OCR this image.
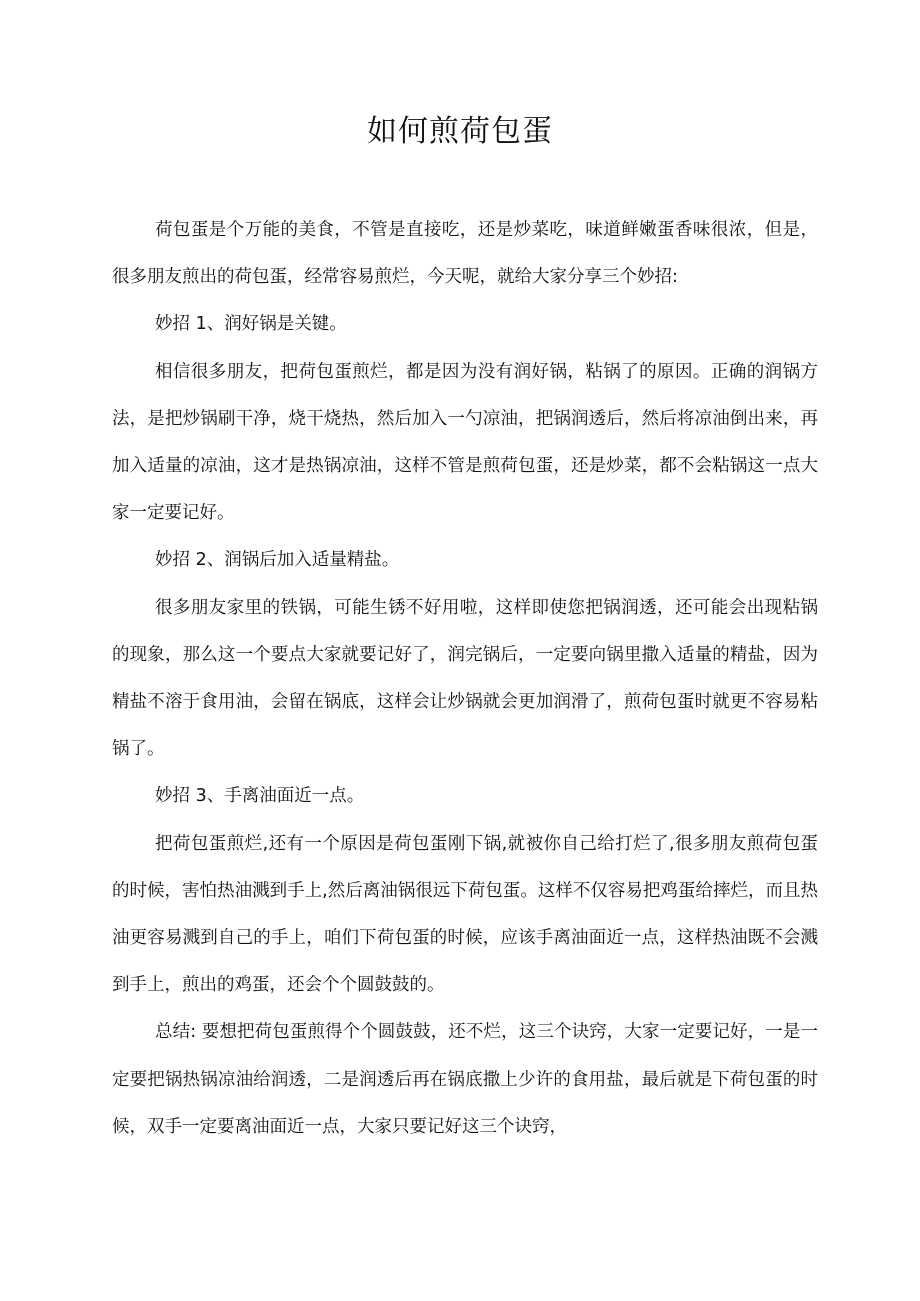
如何煎荷包蛋

荷包蛋是个万能的美食，不管是直接吃，还是炒菜吃，味道鲜嫩蛋香味很浓，但是，很多朋友煎出的荷包蛋，经常容易煎烂，今天呢，就给大家分享三个妙招:

妙招 1、润好锅是关键。

相信很多朋友，把荷包蛋煎烂，都是因为没有润好锅，粘锅了的原因。正确的润锅方法，是把炒锅刷干净，烧干烧热，然后加入一勺凉油，把锅润透后，然后将凉油倒出来，再加入适量的凉油，这才是热锅凉油，这样不管是煎荷包蛋，还是炒菜，都不会粘锅这一点大家一定要记好。

妙招 2、润锅后加入适量精盐。

很多朋友家里的铁锅，可能生锈不好用啦，这样即使您把锅润透，还可能会出现粘锅的现象，那么这一个要点大家就要记好了，润完锅后，一定要向锅里撒入适量的精盐，因为精盐不溶于食用油，会留在锅底，这样会让炒锅就会更加润滑了，煎荷包蛋时就更不容易粘锅了。

妙招 3、手离油面近一点。

把荷包蛋煎烂,还有一个原因是荷包蛋刚下锅,就被你自己给打烂了,很多朋友煎荷包蛋的时候，害怕热油溅到手上,然后离油锅很远下荷包蛋。这样不仅容易把鸡蛋给摔烂，而且热油更容易溅到自己的手上，咱们下荷包蛋的时候，应该手离油面近一点，这样热油既不会溅到手上，煎出的鸡蛋，还会个个圆鼓鼓的。

总结: 要想把荷包蛋煎得个个圆鼓鼓，还不烂，这三个诀窍，大家一定要记好，一是一定要把锅热锅凉油给润透，二是润透后再在锅底撒上少许的食用盐，最后就是下荷包蛋的时候，双手一定要离油面近一点，大家只要记好这三个诀窍，
